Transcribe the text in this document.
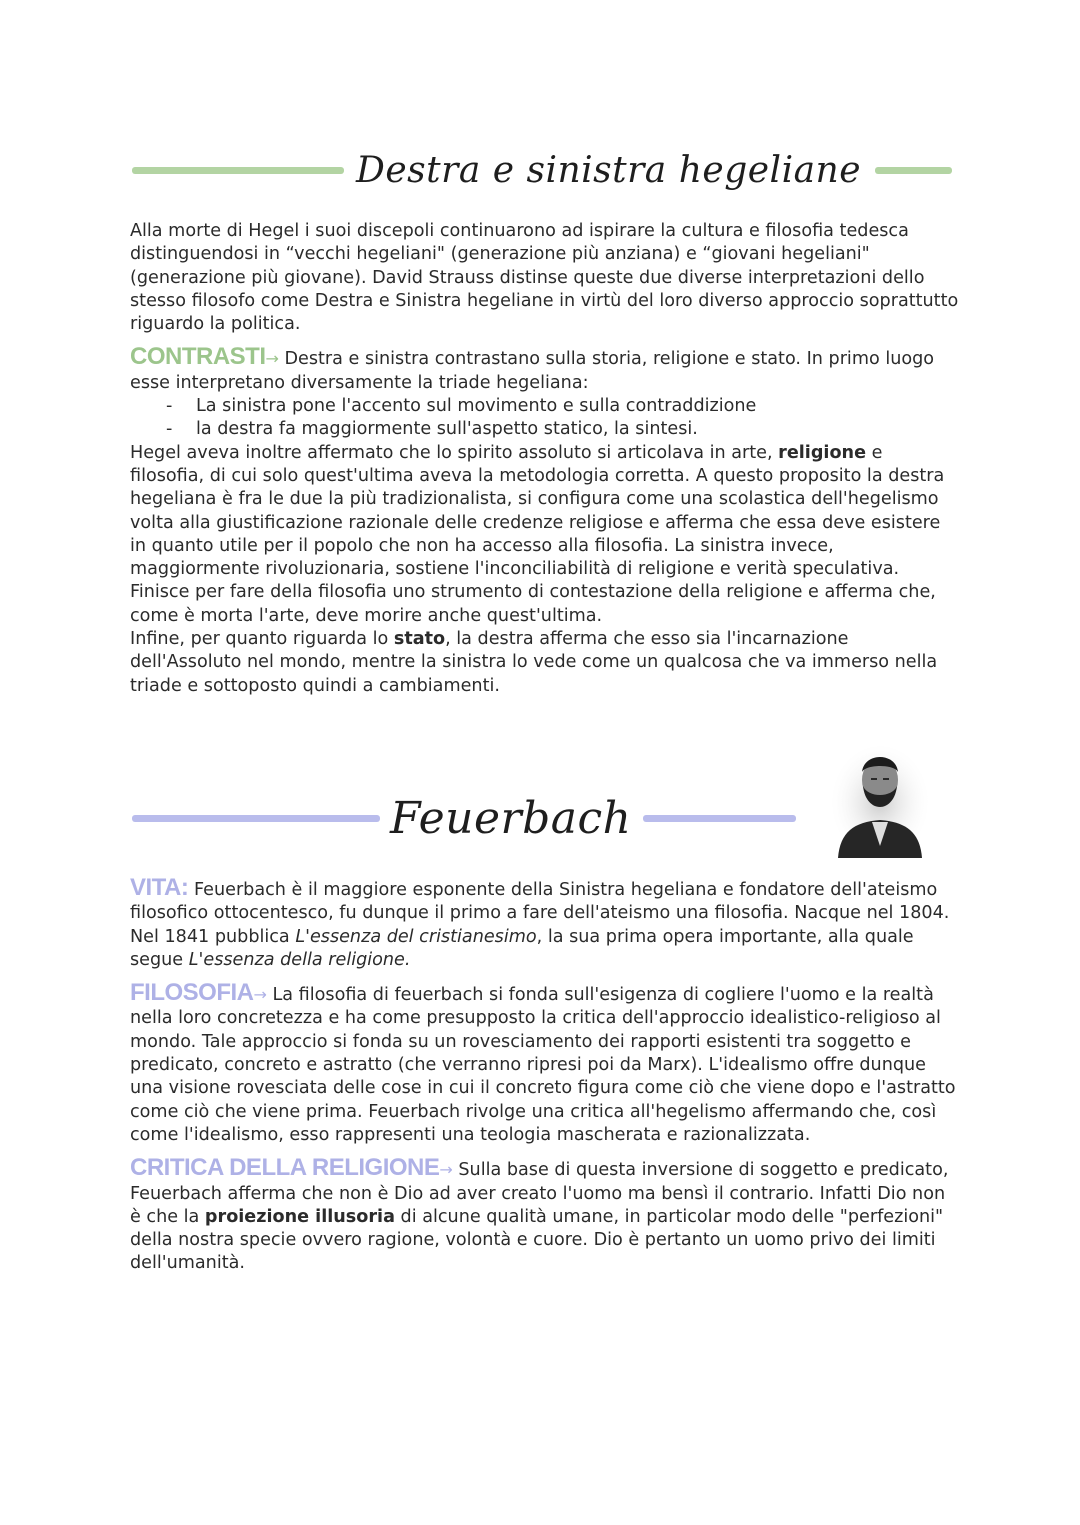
Destra e sinistra hegeliane

Alla morte di Hegel i suoi discepoli continuarono ad ispirare la cultura e filosofia tedesca distinguendosi in “vecchi hegeliani" (generazione più anziana) e “giovani hegeliani" (generazione più giovane). David Strauss distinse queste due diverse interpretazioni dello stesso filosofo come Destra e Sinistra hegeliane in virtù del loro diverso approccio soprattutto riguardo la politica.

CONTRASTI→ Destra e sinistra contrastano sulla storia, religione e stato. In primo luogo esse interpretano diversamente la triade hegeliana:

- La sinistra pone l'accento sul movimento e sulla contraddizione
- la destra fa maggiormente sull'aspetto statico, la sintesi.

Hegel aveva inoltre affermato che lo spirito assoluto si articolava in arte, religione e filosofia, di cui solo quest'ultima aveva la metodologia corretta. A questo proposito la destra hegeliana è fra le due la più tradizionalista, si configura come una scolastica dell'hegelismo volta alla giustificazione razionale delle credenze religiose e afferma che essa deve esistere in quanto utile per il popolo che non ha accesso alla filosofia. La sinistra invece, maggiormente rivoluzionaria, sostiene l'inconciliabilità di religione e verità speculativa. Finisce per fare della filosofia uno strumento di contestazione della religione e afferma che, come è morta l'arte, deve morire anche quest'ultima.

Infine, per quanto riguarda lo stato, la destra afferma che esso sia l'incarnazione dell'Assoluto nel mondo, mentre la sinistra lo vede come un qualcosa che va immerso nella triade e sottoposto quindi a cambiamenti.

Feuerbach

VITA: Feuerbach è il maggiore esponente della Sinistra hegeliana e fondatore dell'ateismo filosofico ottocentesco, fu dunque il primo a fare dell'ateismo una filosofia. Nacque nel 1804. Nel 1841 pubblica L'essenza del cristianesimo, la sua prima opera importante, alla quale segue L'essenza della religione.

FILOSOFIA→ La filosofia di feuerbach si fonda sull'esigenza di cogliere l'uomo e la realtà nella loro concretezza e ha come presupposto la critica dell'approccio idealistico-religioso al mondo. Tale approccio si fonda su un rovesciamento dei rapporti esistenti tra soggetto e predicato, concreto e astratto (che verranno ripresi poi da Marx). L'idealismo offre dunque una visione rovesciata delle cose in cui il concreto figura come ciò che viene dopo e l'astratto come ciò che viene prima. Feuerbach rivolge una critica all'hegelismo affermando che, così come l'idealismo, esso rappresenti una teologia mascherata e razionalizzata.

CRITICA DELLA RELIGIONE→ Sulla base di questa inversione di soggetto e predicato, Feuerbach afferma che non è Dio ad aver creato l'uomo ma bensì il contrario. Infatti Dio non è che la proiezione illusoria di alcune qualità umane, in particolar modo delle "perfezioni" della nostra specie ovvero ragione, volontà e cuore. Dio è pertanto un uomo privo dei limiti dell'umanità.
